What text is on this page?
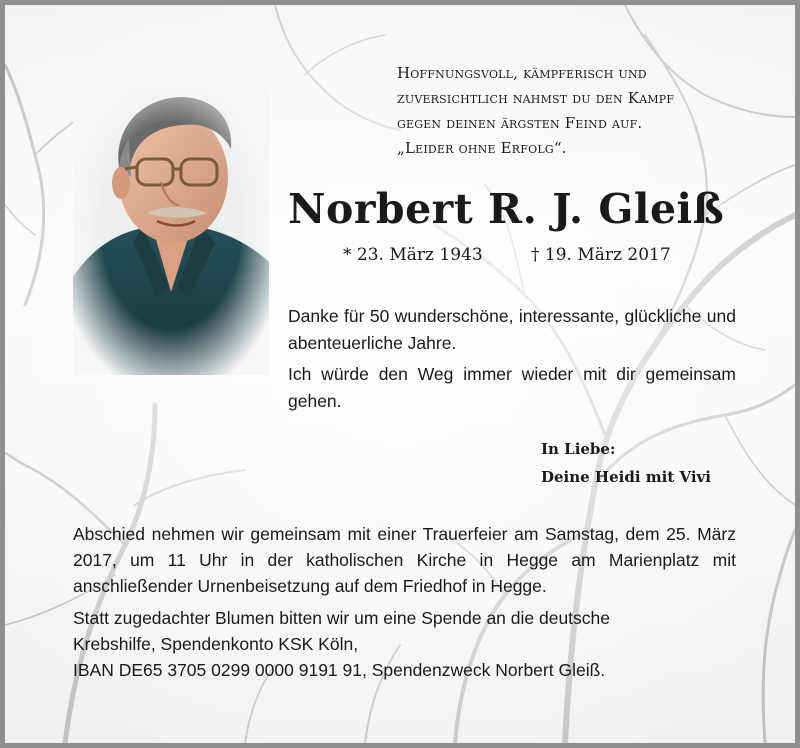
Hoffnungsvoll, kämpferisch und
zuversichtlich nahmst du den Kampf
gegen deinen ärgsten Feind auf.
„Leider ohne Erfolg“.
Norbert R. J. Gleiß
* 23. März 1943	† 19. März 2017

Danke für 50 wunderschöne, interessante, glückliche und abenteuerliche Jahre.

Ich würde den Weg immer wieder mit dir gemeinsam gehen.

In Liebe:
Deine Heidi mit Vivi

Abschied nehmen wir gemeinsam mit einer Trauerfeier am Samstag, dem 25. März 2017, um 11 Uhr in der katholischen Kirche in Hegge am Marienplatz mit anschließender Urnenbeisetzung auf dem Friedhof in Hegge.

Statt zugedachter Blumen bitten wir um eine Spende an die deutsche
Krebshilfe, Spendenkonto KSK Köln,
IBAN DE65 3705 0299 0000 9191 91, Spendenzweck Norbert Gleiß.
